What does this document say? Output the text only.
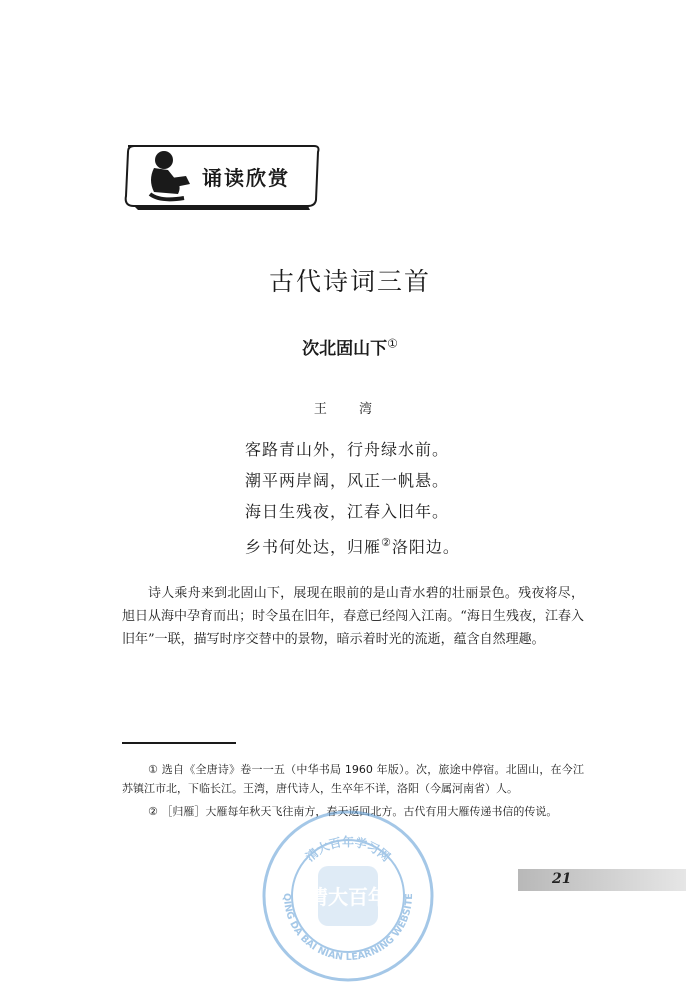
诵读欣赏
古代诗词三首
次北固山下①
王 湾
客路青山外，行舟绿水前。
潮平两岸阔，风正一帆悬。
海日生残夜，江春入旧年。
乡书何处达，归雁②洛阳边。
诗人乘舟来到北固山下，展现在眼前的是山青水碧的壮丽景色。残夜将尽，旭日从海中孕育而出；时令虽在旧年，春意已经闯入江南。“海日生残夜，江春入旧年”一联，描写时序交替中的景物，暗示着时光的流逝，蕴含自然理趣。

① 选自《全唐诗》卷一一五（中华书局 1960 年版）。次，旅途中停宿。北固山，在今江苏镇江市北，下临长江。王湾，唐代诗人，生卒年不详，洛阳（今属河南省）人。

② ［归雁］大雁每年秋天飞往南方，春天返回北方。古代有用大雁传递书信的传说。

21
清大百年学习网
清大百年
QING DA BAI NIAN LEARNING WEBSITE
